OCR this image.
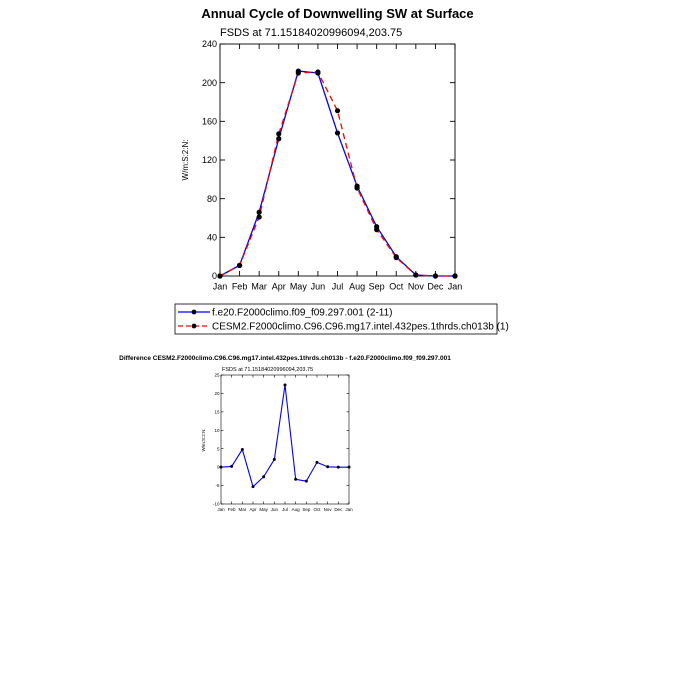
Annual Cycle of Downwelling SW at Surface
FSDS at 71.15184020996094,203.75
W/m:S:2:N:
0
40
80
120
160
200
240
Jan Feb Mar Apr May Jun Jul Aug Sep Oct Nov Dec Jan
f.e20.F2000climo.f09_f09.297.001 (2-11)
CESM2.F2000climo.C96.C96.mg17.intel.432pes.1thrds.ch013b (1)
Difference CESM2.F2000climo.C96.C96.mg17.intel.432pes.1thrds.ch013b - f.e20.F2000climo.f09_f09.297.001
FSDS at 71.15184020996094,203.75
W/m:S:2:N:
-10
-5
0
5
10
15
20
25
Jan Feb Mar Apr May Jun Jul Aug Sep Oct Nov Dec Jan
